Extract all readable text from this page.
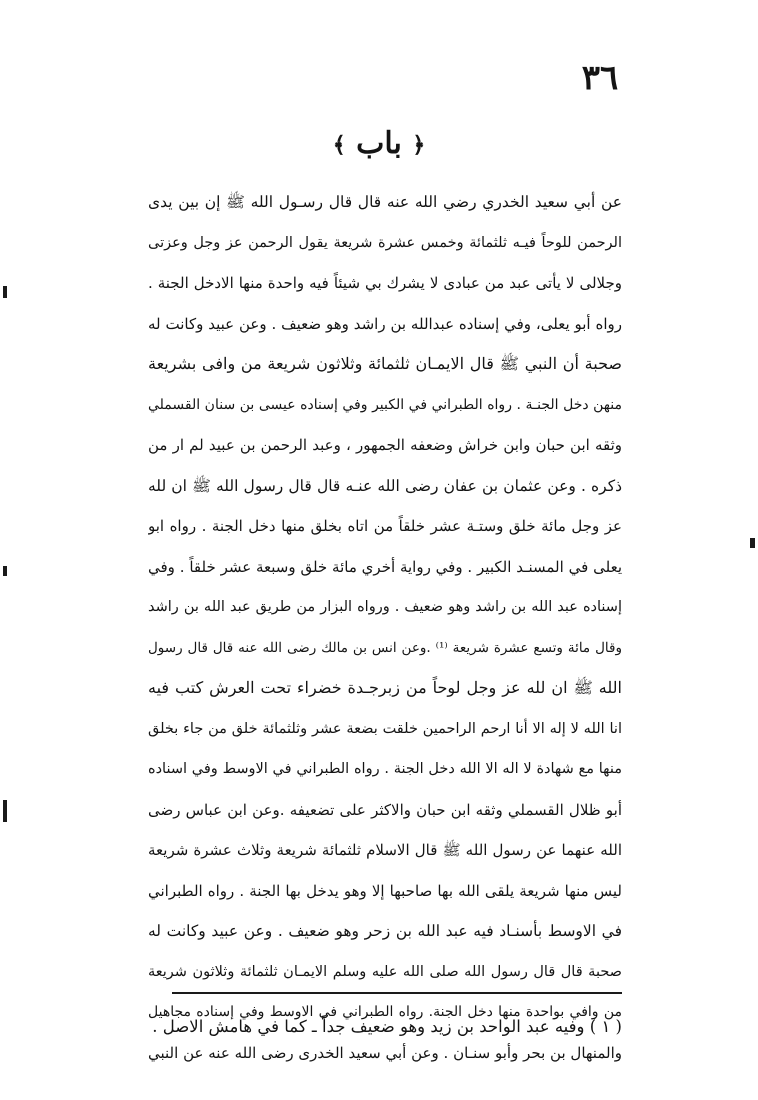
٣٦
﴿ باب ﴾
عن أبي سعيد الخدري رضي الله عنه قال قال رسـول الله ﷺ إن بين يدى
الرحمن للوحاً فيـه ثلثمائة وخمس عشرة شريعة يقول الرحمن عز وجل وعزتى
وجلالى لا يأتى عبد من عبادى لا يشرك بي شيئاً فيه واحدة منها الادخل الجنة .
رواه أبو يعلى، وفي إسناده عبدالله بن راشد وهو ضعيف . وعن عبيد وكانت له
صحبة أن النبي ﷺ قال الايمـان ثلثمائة وثلاثون شريعة من وافى بشريعة
منهن دخل الجنـة . رواه الطبراني في الكبير وفي إسناده عيسى بن سنان القسملي
وثقه ابن حبان وابن خراش وضعفه الجمهور ، وعبد الرحمن بن عبيد لم ار من
ذكره . وعن عثمان بن عفان رضى الله عنـه قال قال رسول الله ﷺ ان لله
عز وجل مائة خلق وستـة عشر خلقاً من اتاه بخلق منها دخل الجنة . رواه ابو
يعلى في المسنـد الكبير . وفي رواية أخري مائة خلق وسبعة عشر خلقاً . وفي
إسناده عبد الله بن راشد وهو ضعيف . ورواه البزار من طريق عبد الله بن راشد
وقال مائة وتسع عشرة شريعة ⁽¹⁾ .وعن انس بن مالك رضى الله عنه قال قال رسول
الله ﷺ ان لله عز وجل لوحاً من زبرجـدة خضراء تحت العرش كتب فيه
انا الله لا إله الا أنا ارحم الراحمين خلقت بضعة عشر وثلثمائة خلق من جاء بخلق
منها مع شهادة لا اله الا الله دخل الجنة . رواه الطبراني في الاوسط وفي اسناده
أبو ظلال القسملي وثقه ابن حبان والاكثر على تضعيفه .وعن ابن عباس رضى
الله عنهما عن رسول الله ﷺ قال الاسلام ثلثمائة شريعة وثلاث عشرة شريعة
ليس منها شريعة يلقى الله بها صاحبها إلا وهو يدخل بها الجنة . رواه الطبراني
في الاوسط بأسنـاد فيه عبد الله بن زحر وهو ضعيف . وعن عبيد وكانت له
صحبة قال قال رسول الله صلى الله عليه وسلم الايمـان ثلثمائة وثلاثون شريعة
من وافي بواحدة منها دخل الجنة. رواه الطبراني في الاوسط وفي إسناده مجاهيل
والمنهال بن بحر وأبو سنـان . وعن أبي سعيد الخدرى رضى الله عنه عن النبي
( ١ ) وفيه عبد الواحد بن زيد وهو ضعيف جداً ـ كما في هامش الاصل .
